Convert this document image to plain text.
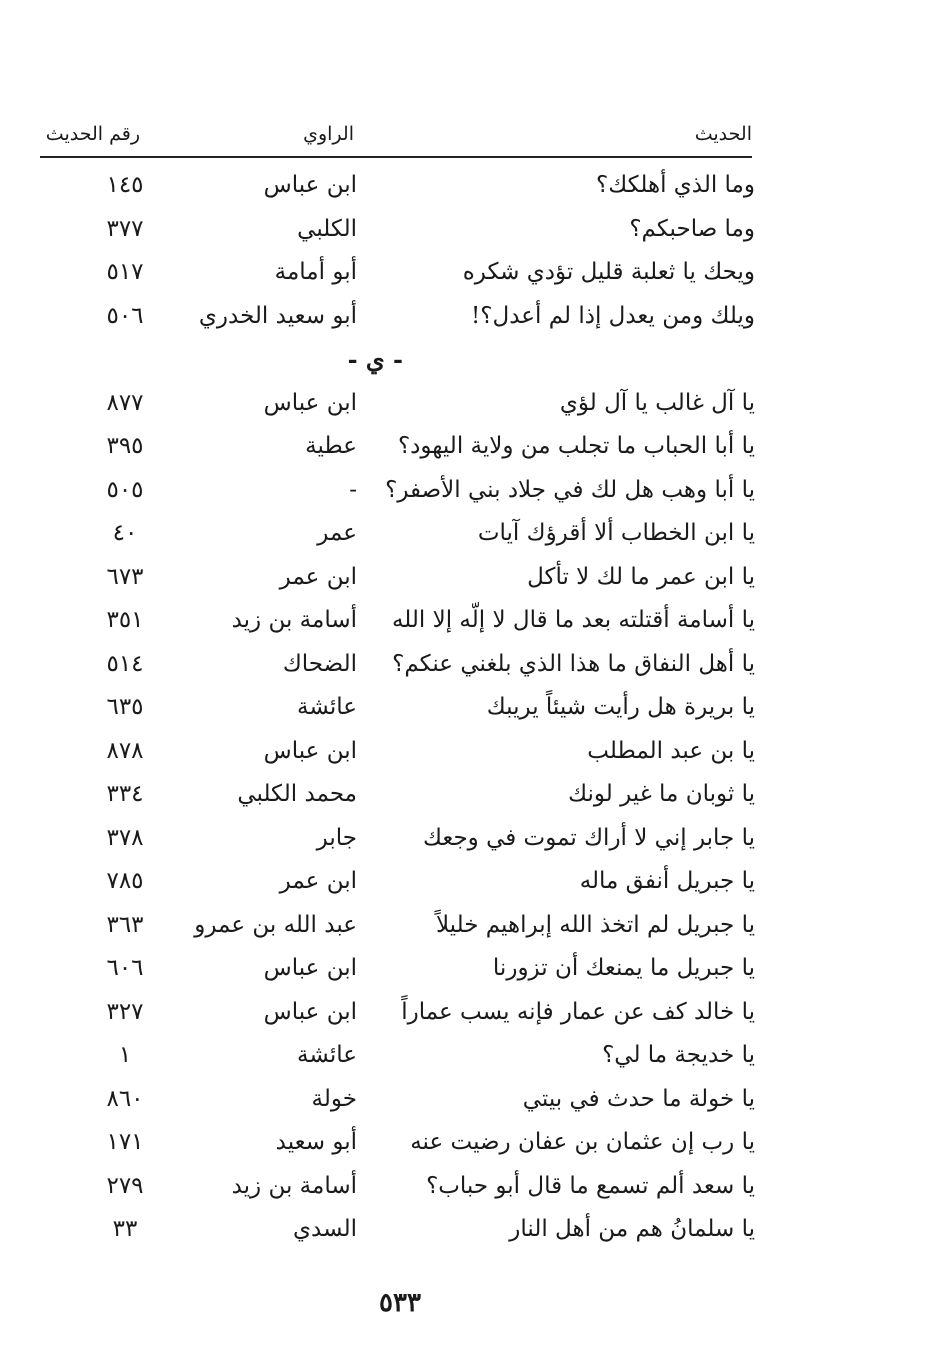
الحديث
الراوي
رقم الحديث
وما الذي أهلكك؟
ابن عباس
١٤٥
وما صاحبكم؟
الكلبي
٣٧٧
ويحك يا ثعلبة قليل تؤدي شكره
أبو أمامة
٥١٧
ويلك ومن يعدل إذا لم أعدل؟!
أبو سعيد الخدري
٥٠٦
- ي -
يا آل غالب يا آل لؤي
ابن عباس
٨٧٧
يا أبا الحباب ما تجلب من ولاية اليهود؟
عطية
٣٩٥
يا أبا وهب هل لك في جلاد بني الأصفر؟
-
٥٠٥
يا ابن الخطاب ألا أقرؤك آيات
عمر
٤٠
يا ابن عمر ما لك لا تأكل
ابن عمر
٦٧٣
يا أسامة أقتلته بعد ما قال لا إلّه إلا الله
أسامة بن زيد
٣٥١
يا أهل النفاق ما هذا الذي بلغني عنكم؟
الضحاك
٥١٤
يا بريرة هل رأيت شيئاً يريبك
عائشة
٦٣٥
يا بن عبد المطلب
ابن عباس
٨٧٨
يا ثوبان ما غير لونك
محمد الكلبي
٣٣٤
يا جابر إني لا أراك تموت في وجعك
جابر
٣٧٨
يا جبريل أنفق ماله
ابن عمر
٧٨٥
يا جبريل لم اتخذ الله إبراهيم خليلاً
عبد الله بن عمرو
٣٦٣
يا جبريل ما يمنعك أن تزورنا
ابن عباس
٦٠٦
يا خالد كف عن عمار فإنه يسب عماراً
ابن عباس
٣٢٧
يا خديجة ما لي؟
عائشة
١
يا خولة ما حدث في بيتي
خولة
٨٦٠
يا رب إن عثمان بن عفان رضيت عنه
أبو سعيد
١٧١
يا سعد ألم تسمع ما قال أبو حباب؟
أسامة بن زيد
٢٧٩
يا سلمانُ هم من أهل النار
السدي
٣٣
٥٣٣
